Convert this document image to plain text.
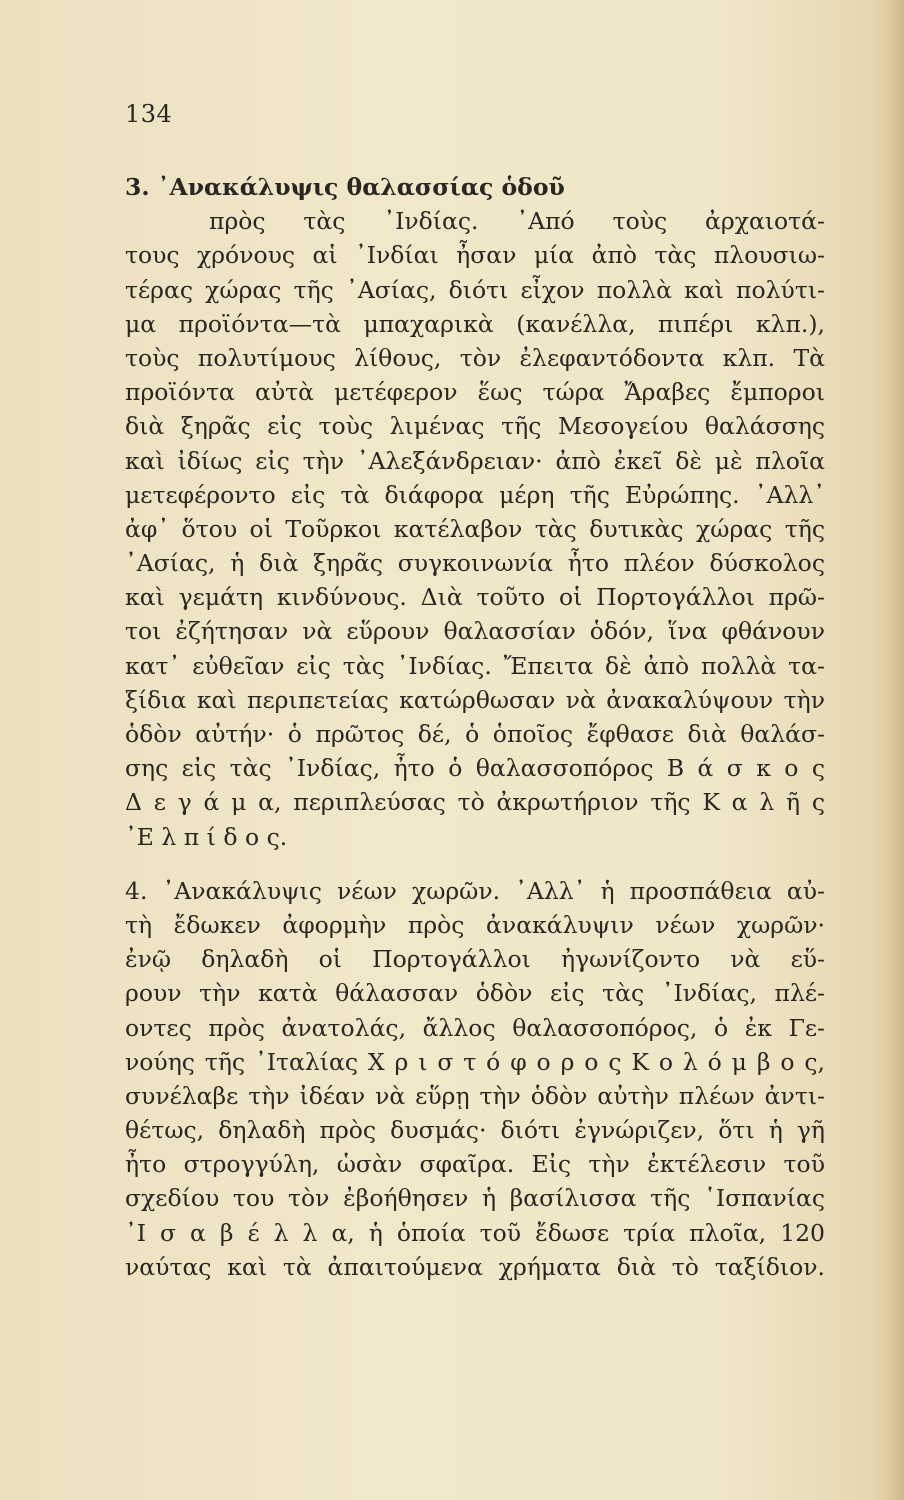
134
3. ᾿Ανακάλυψις θαλασσίας ὁδοῦ
πρὸς τὰς ᾿Ινδίας. ᾿Από τοὺς ἀρχαιοτά-
τους χρόνους αἱ ᾿Ινδίαι ἦσαν μία ἀπὸ τὰς πλουσιω-
τέρας χώρας τῆς ᾿Ασίας, διότι εἶχον πολλὰ καὶ πολύτι-
μα προϊόντα—τὰ μπαχαρικὰ (κανέλλα, πιπέρι κλπ.),
τοὺς πολυτίμους λίθους, τὸν ἐλεφαντόδοντα κλπ. Τὰ
προϊόντα αὐτὰ μετέφερον ἕως τώρα Ἄραβες ἔμποροι
διὰ ξηρᾶς εἰς τοὺς λιμένας τῆς Μεσογείου θαλάσσης
καὶ ἰδίως εἰς τὴν ᾿Αλεξάνδρειαν· ἀπὸ ἐκεῖ δὲ μὲ πλοῖα
μετεφέροντο εἰς τὰ διάφορα μέρη τῆς Εὐρώπης. ᾿Αλλ᾿
ἀφ᾿ ὅτου οἱ Τοῦρκοι κατέλαβον τὰς δυτικὰς χώρας τῆς
᾿Ασίας, ἡ διὰ ξηρᾶς συγκοινωνία ἦτο πλέον δύσκολος
καὶ γεμάτη κινδύνους. Διὰ τοῦτο οἱ Πορτογάλλοι πρῶ-
τοι ἐζήτησαν νὰ εὕρουν θαλασσίαν ὁδόν, ἵνα φθάνουν
κατ᾿ εὐθεῖαν εἰς τὰς ᾿Ινδίας. Ἔπειτα δὲ ἀπὸ πολλὰ τα-
ξίδια καὶ περιπετείας κατώρθωσαν νὰ ἀνακαλύψουν τὴν
ὁδὸν αὐτήν· ὁ πρῶτος δέ, ὁ ὁποῖος ἔφθασε διὰ θαλάσ-
σης εἰς τὰς ᾿Ινδίας, ἦτο ὁ θαλασσοπόρος Β ά σ κ ο ς
Δ ε γ ά μ α, περιπλεύσας τὸ ἀκρωτήριον τῆς Κ α λ ῆ ς
᾿Ε λ π ί δ ο ς.
4. ᾿Ανακάλυψις νέων χωρῶν. ᾿Αλλ᾿ ἡ προσπάθεια αὐ-
τὴ ἔδωκεν ἀφορμὴν πρὸς ἀνακάλυψιν νέων χωρῶν·
ἐνῷ δηλαδὴ οἱ Πορτογάλλοι ἠγωνίζοντο νὰ εὕ-
ρουν τὴν κατὰ θάλασσαν ὁδὸν εἰς τὰς ᾿Ινδίας, πλέ-
οντες πρὸς ἀνατολάς, ἄλλος θαλασσοπόρος, ὁ ἐκ Γε-
νούης τῆς ᾿Ιταλίας Χ ρ ι σ τ ό φ ο ρ ο ς Κ ο λ ό μ β ο ς,
συνέλαβε τὴν ἰδέαν νὰ εὕρῃ τὴν ὁδὸν αὐτὴν πλέων ἀντι-
θέτως, δηλαδὴ πρὸς δυσμάς· διότι ἐγνώριζεν, ὅτι ἡ γῆ
ἦτο στρογγύλη, ὡσὰν σφαῖρα. Εἰς τὴν ἐκτέλεσιν τοῦ
σχεδίου του τὸν ἐβοήθησεν ἡ βασίλισσα τῆς ῾Ισπανίας
᾿Ι σ α β έ λ λ α, ἡ ὁποία τοῦ ἔδωσε τρία πλοῖα, 120
ναύτας καὶ τὰ ἀπαιτούμενα χρήματα διὰ τὸ ταξίδιον.
